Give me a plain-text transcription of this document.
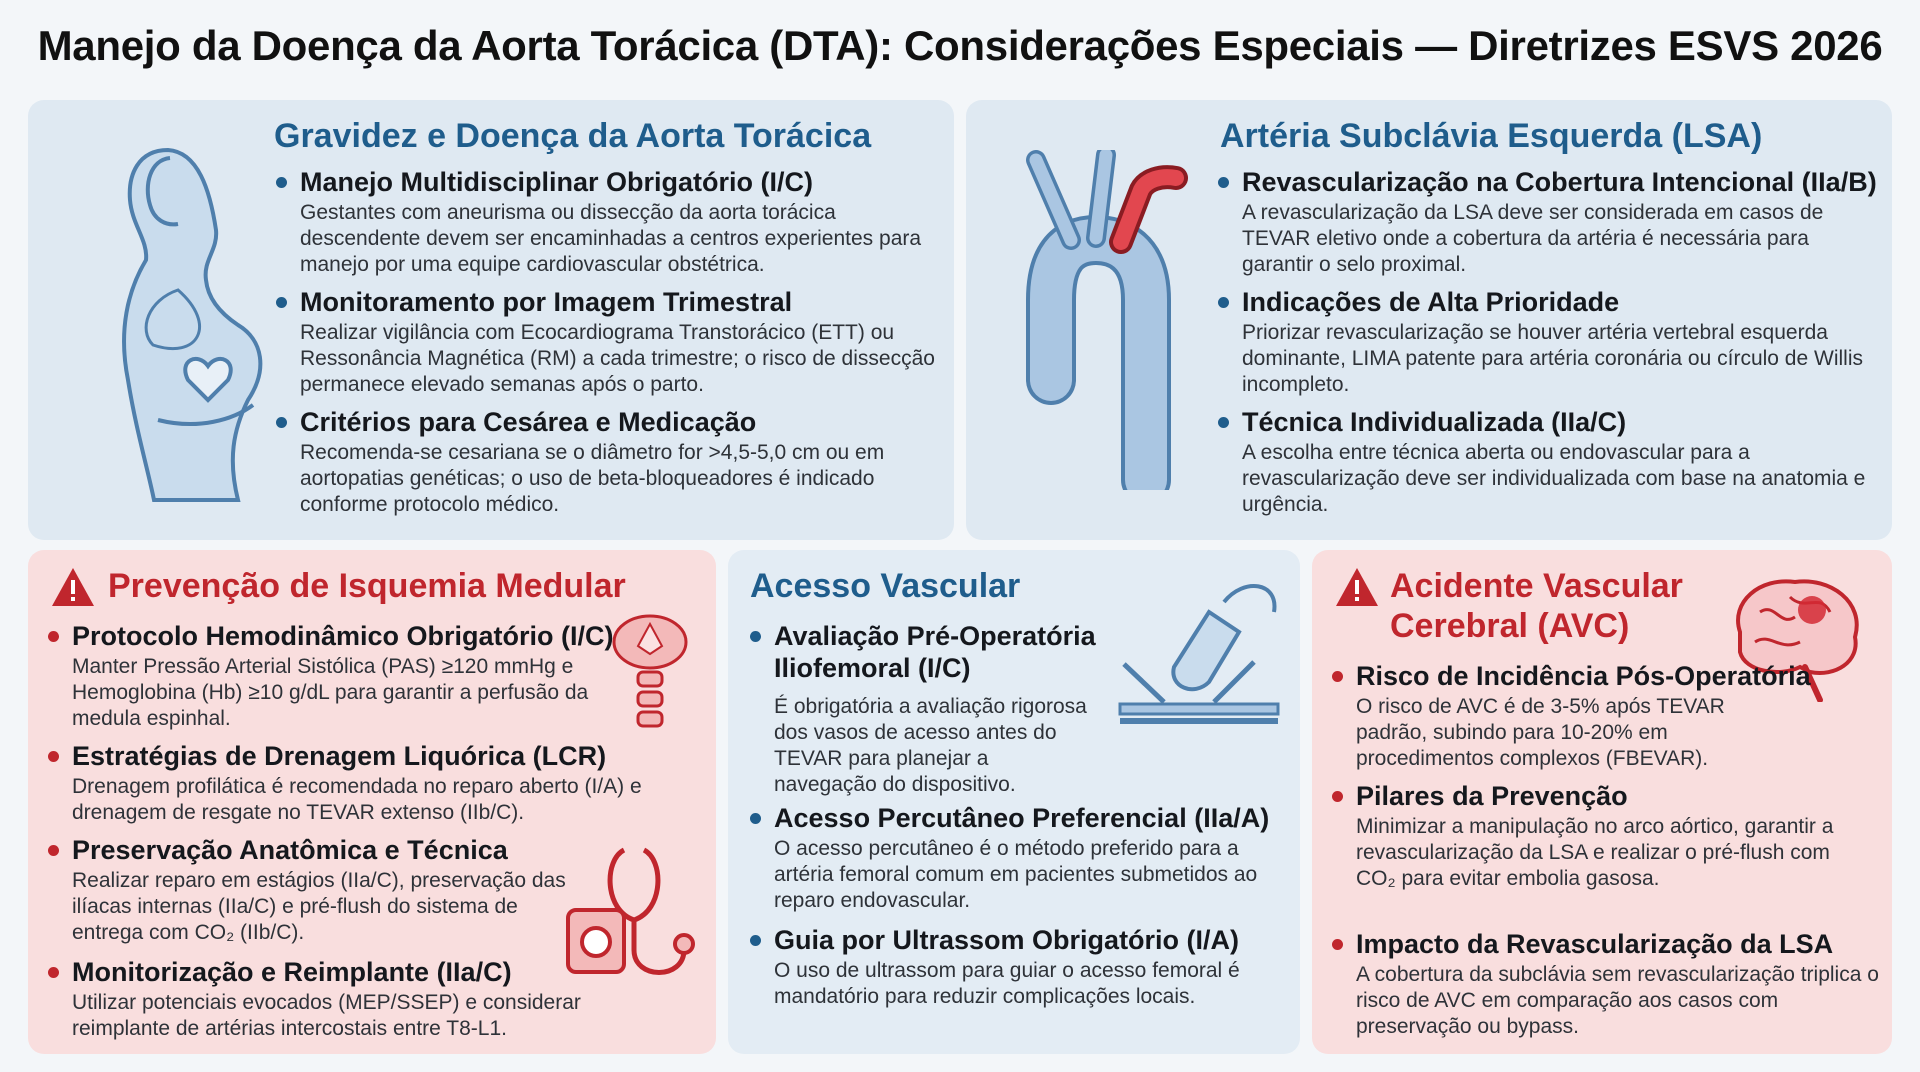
Manejo da Doença da Aorta Torácica (DTA): Considerações Especiais — Diretrizes ESVS 2026
Gravidez e Doença da Aorta Torácica
Manejo Multidisciplinar Obrigatório (I/C)

Gestantes com aneurisma ou dissecção da aorta torácica descendente devem ser encaminhadas a centros experientes para manejo por uma equipe cardiovascular obstétrica.

Monitoramento por Imagem Trimestral

Realizar vigilância com Ecocardiograma Transtorácico (ETT) ou Ressonância Magnética (RM) a cada trimestre; o risco de dissecção permanece elevado semanas após o parto.

Critérios para Cesárea e Medicação

Recomenda-se cesariana se o diâmetro for >4,5-5,0 cm ou em aortopatias genéticas; o uso de beta-bloqueadores é indicado conforme protocolo médico.

Artéria Subclávia Esquerda (LSA)
Revascularização na Cobertura Intencional (IIa/B)

A revascularização da LSA deve ser considerada em casos de TEVAR eletivo onde a cobertura da artéria é necessária para garantir o selo proximal.

Indicações de Alta Prioridade

Priorizar revascularização se houver artéria vertebral esquerda dominante, LIMA patente para artéria coronária ou círculo de Willis incompleto.

Técnica Individualizada (IIa/C)

A escolha entre técnica aberta ou endovascular para a revascularização deve ser individualizada com base na anatomia e urgência.

Prevenção de Isquemia Medular
Protocolo Hemodinâmico Obrigatório (I/C)

Manter Pressão Arterial Sistólica (PAS) ≥120 mmHg e Hemoglobina (Hb) ≥10 g/dL para garantir a perfusão da medula espinhal.

Estratégias de Drenagem Liquórica (LCR)

Drenagem profilática é recomendada no reparo aberto (I/A) e drenagem de resgate no TEVAR extenso (IIb/C).

Preservação Anatômica e Técnica

Realizar reparo em estágios (IIa/C), preservação das
ilíacas internas (IIa/C) e pré-flush do sistema de
entrega com CO₂ (IIb/C).

Monitorização e Reimplante (IIa/C)

Utilizar potenciais evocados (MEP/SSEP) e considerar reimplante de artérias intercostais entre T8-L1.

Acesso Vascular
Avaliação Pré-Operatória
Iliofemoral (I/C)

É obrigatória a avaliação rigorosa
dos vasos de acesso antes do
TEVAR para planejar a
navegação do dispositivo.

Acesso Percutâneo Preferencial (IIa/A)

O acesso percutâneo é o método preferido para a artéria femoral comum em pacientes submetidos ao reparo endovascular.

Guia por Ultrassom Obrigatório (I/A)

O uso de ultrassom para guiar o acesso femoral é mandatório para reduzir complicações locais.

Acidente Vascular
Cerebral (AVC)
Risco de Incidência Pós-Operatória

O risco de AVC é de 3-5% após TEVAR padrão, subindo para 10-20% em procedimentos complexos (FBEVAR).

Pilares da Prevenção

Minimizar a manipulação no arco aórtico, garantir a
revascularização da LSA e realizar o pré-flush com
CO₂ para evitar embolia gasosa.

Impacto da Revascularização da LSA

A cobertura da subclávia sem revascularização triplica o risco de AVC em comparação aos casos com preservação ou bypass.
